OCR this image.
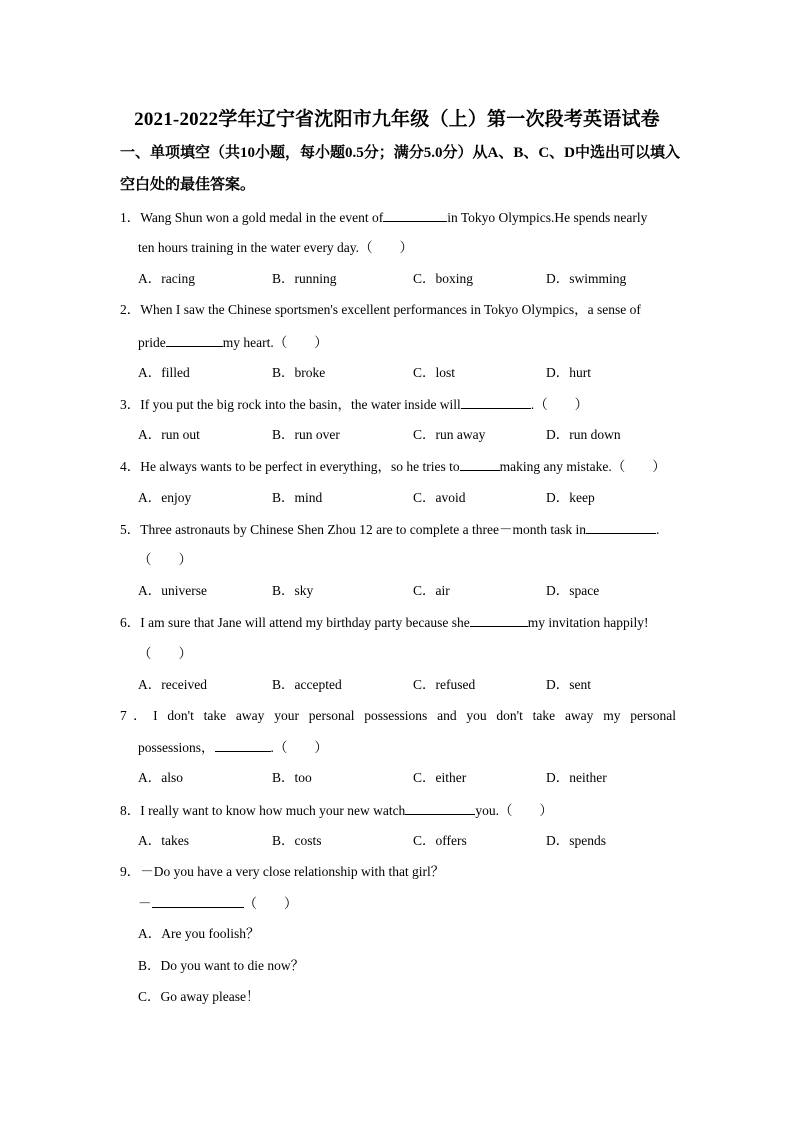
2021-2022学年辽宁省沈阳市九年级（上）第一次段考英语试卷
一、单项填空（共10小题，每小题0.5分；满分5.0分）从A、B、C、D中选出可以填入空白处的最佳答案。
1．Wang Shun won a gold medal in the event of	in Tokyo Olympics.He spends nearly
ten hours training in the water every day.（　　）
A．racing	B．running	C．boxing	D．swimming
2．When I saw the Chinese sportsmen's excellent performances in Tokyo Olympics，a sense of
pride	my heart.（　　）
A．filled	B．broke	C．lost	D．hurt
3．If you put the big rock into the basin，the water inside will	.（　　）
A．run out	B．run over	C．run away	D．run down
4．He always wants to be perfect in everything，so he tries to	making any mistake.（　　）
A．enjoy	B．mind	C．avoid	D．keep
5．Three astronauts by Chinese Shen Zhou 12 are to complete a three－month task in	.
（　　）
A．universe	B．sky	C．air	D．space
6．I am sure that Jane will attend my birthday party because she	my invitation happily!
（　　）
A．received	B．accepted	C．refused	D．sent
7．I don't take away your personal possessions and you don't take away my personal
possessions，	.（　　）
A．also	B．too	C．either	D．neither
8．I really want to know how much your new watch	you.（　　）
A．takes	B．costs	C．offers	D．spends
9．－Do you have a very close relationship with that girl？
－	（　　）
A．Are you foolish？
B．Do you want to die now？
C．Go away please！
